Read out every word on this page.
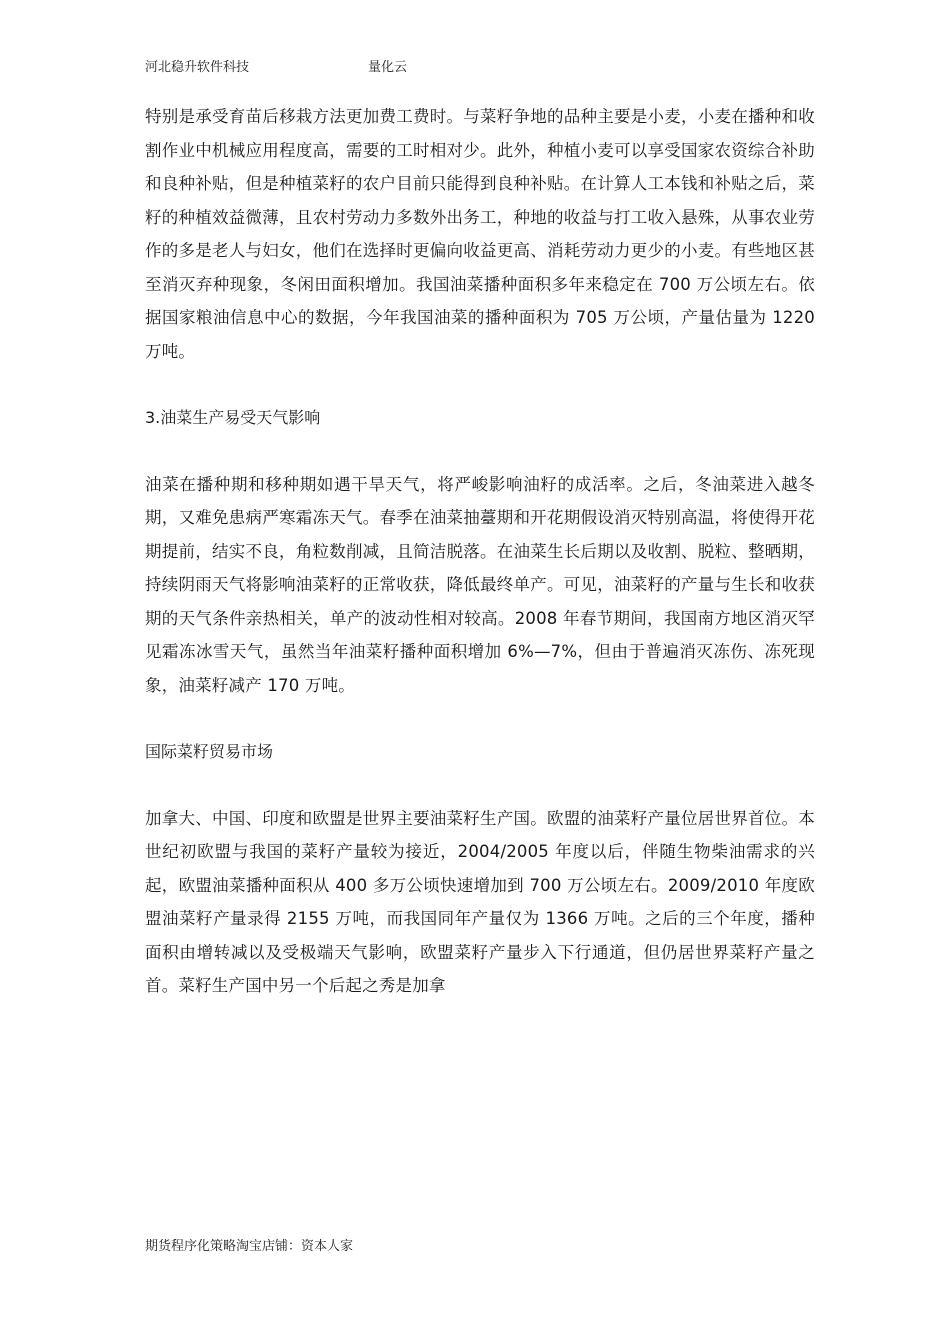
河北稳升软件科技	量化云

特别是承受育苗后移栽方法更加费工费时。与菜籽争地的品种主要是小麦，小麦在播种和收割作业中机械应用程度高，需要的工时相对少。此外，种植小麦可以享受国家农资综合补助和良种补贴，但是种植菜籽的农户目前只能得到良种补贴。在计算人工本钱和补贴之后，菜籽的种植效益微薄，且农村劳动力多数外出务工，种地的收益与打工收入悬殊，从事农业劳作的多是老人与妇女，他们在选择时更偏向收益更高、消耗劳动力更少的小麦。有些地区甚至消灭弃种现象，冬闲田面积增加。我国油菜播种面积多年来稳定在 700 万公顷左右。依据国家粮油信息中心的数据，今年我国油菜的播种面积为 705 万公顷，产量估量为 1220 万吨。

3.油菜生产易受天气影响

油菜在播种期和移种期如遇干旱天气，将严峻影响油籽的成活率。之后，冬油菜进入越冬期，又难免患病严寒霜冻天气。春季在油菜抽薹期和开花期假设消灭特别高温，将使得开花期提前，结实不良，角粒数削减，且简洁脱落。在油菜生长后期以及收割、脱粒、整晒期，持续阴雨天气将影响油菜籽的正常收获，降低最终单产。可见，油菜籽的产量与生长和收获期的天气条件亲热相关，单产的波动性相对较高。2008 年春节期间，我国南方地区消灭罕见霜冻冰雪天气，虽然当年油菜籽播种面积增加 6%—7%，但由于普遍消灭冻伤、冻死现象，油菜籽减产 170 万吨。

国际菜籽贸易市场

加拿大、中国、印度和欧盟是世界主要油菜籽生产国。欧盟的油菜籽产量位居世界首位。本世纪初欧盟与我国的菜籽产量较为接近，2004/2005 年度以后，伴随生物柴油需求的兴起，欧盟油菜播种面积从 400 多万公顷快速增加到 700 万公顷左右。2009/2010 年度欧盟油菜籽产量录得 2155 万吨，而我国同年产量仅为 1366 万吨。之后的三个年度，播种面积由增转减以及受极端天气影响，欧盟菜籽产量步入下行通道，但仍居世界菜籽产量之首。菜籽生产国中另一个后起之秀是加拿

期货程序化策略淘宝店铺：资本人家
